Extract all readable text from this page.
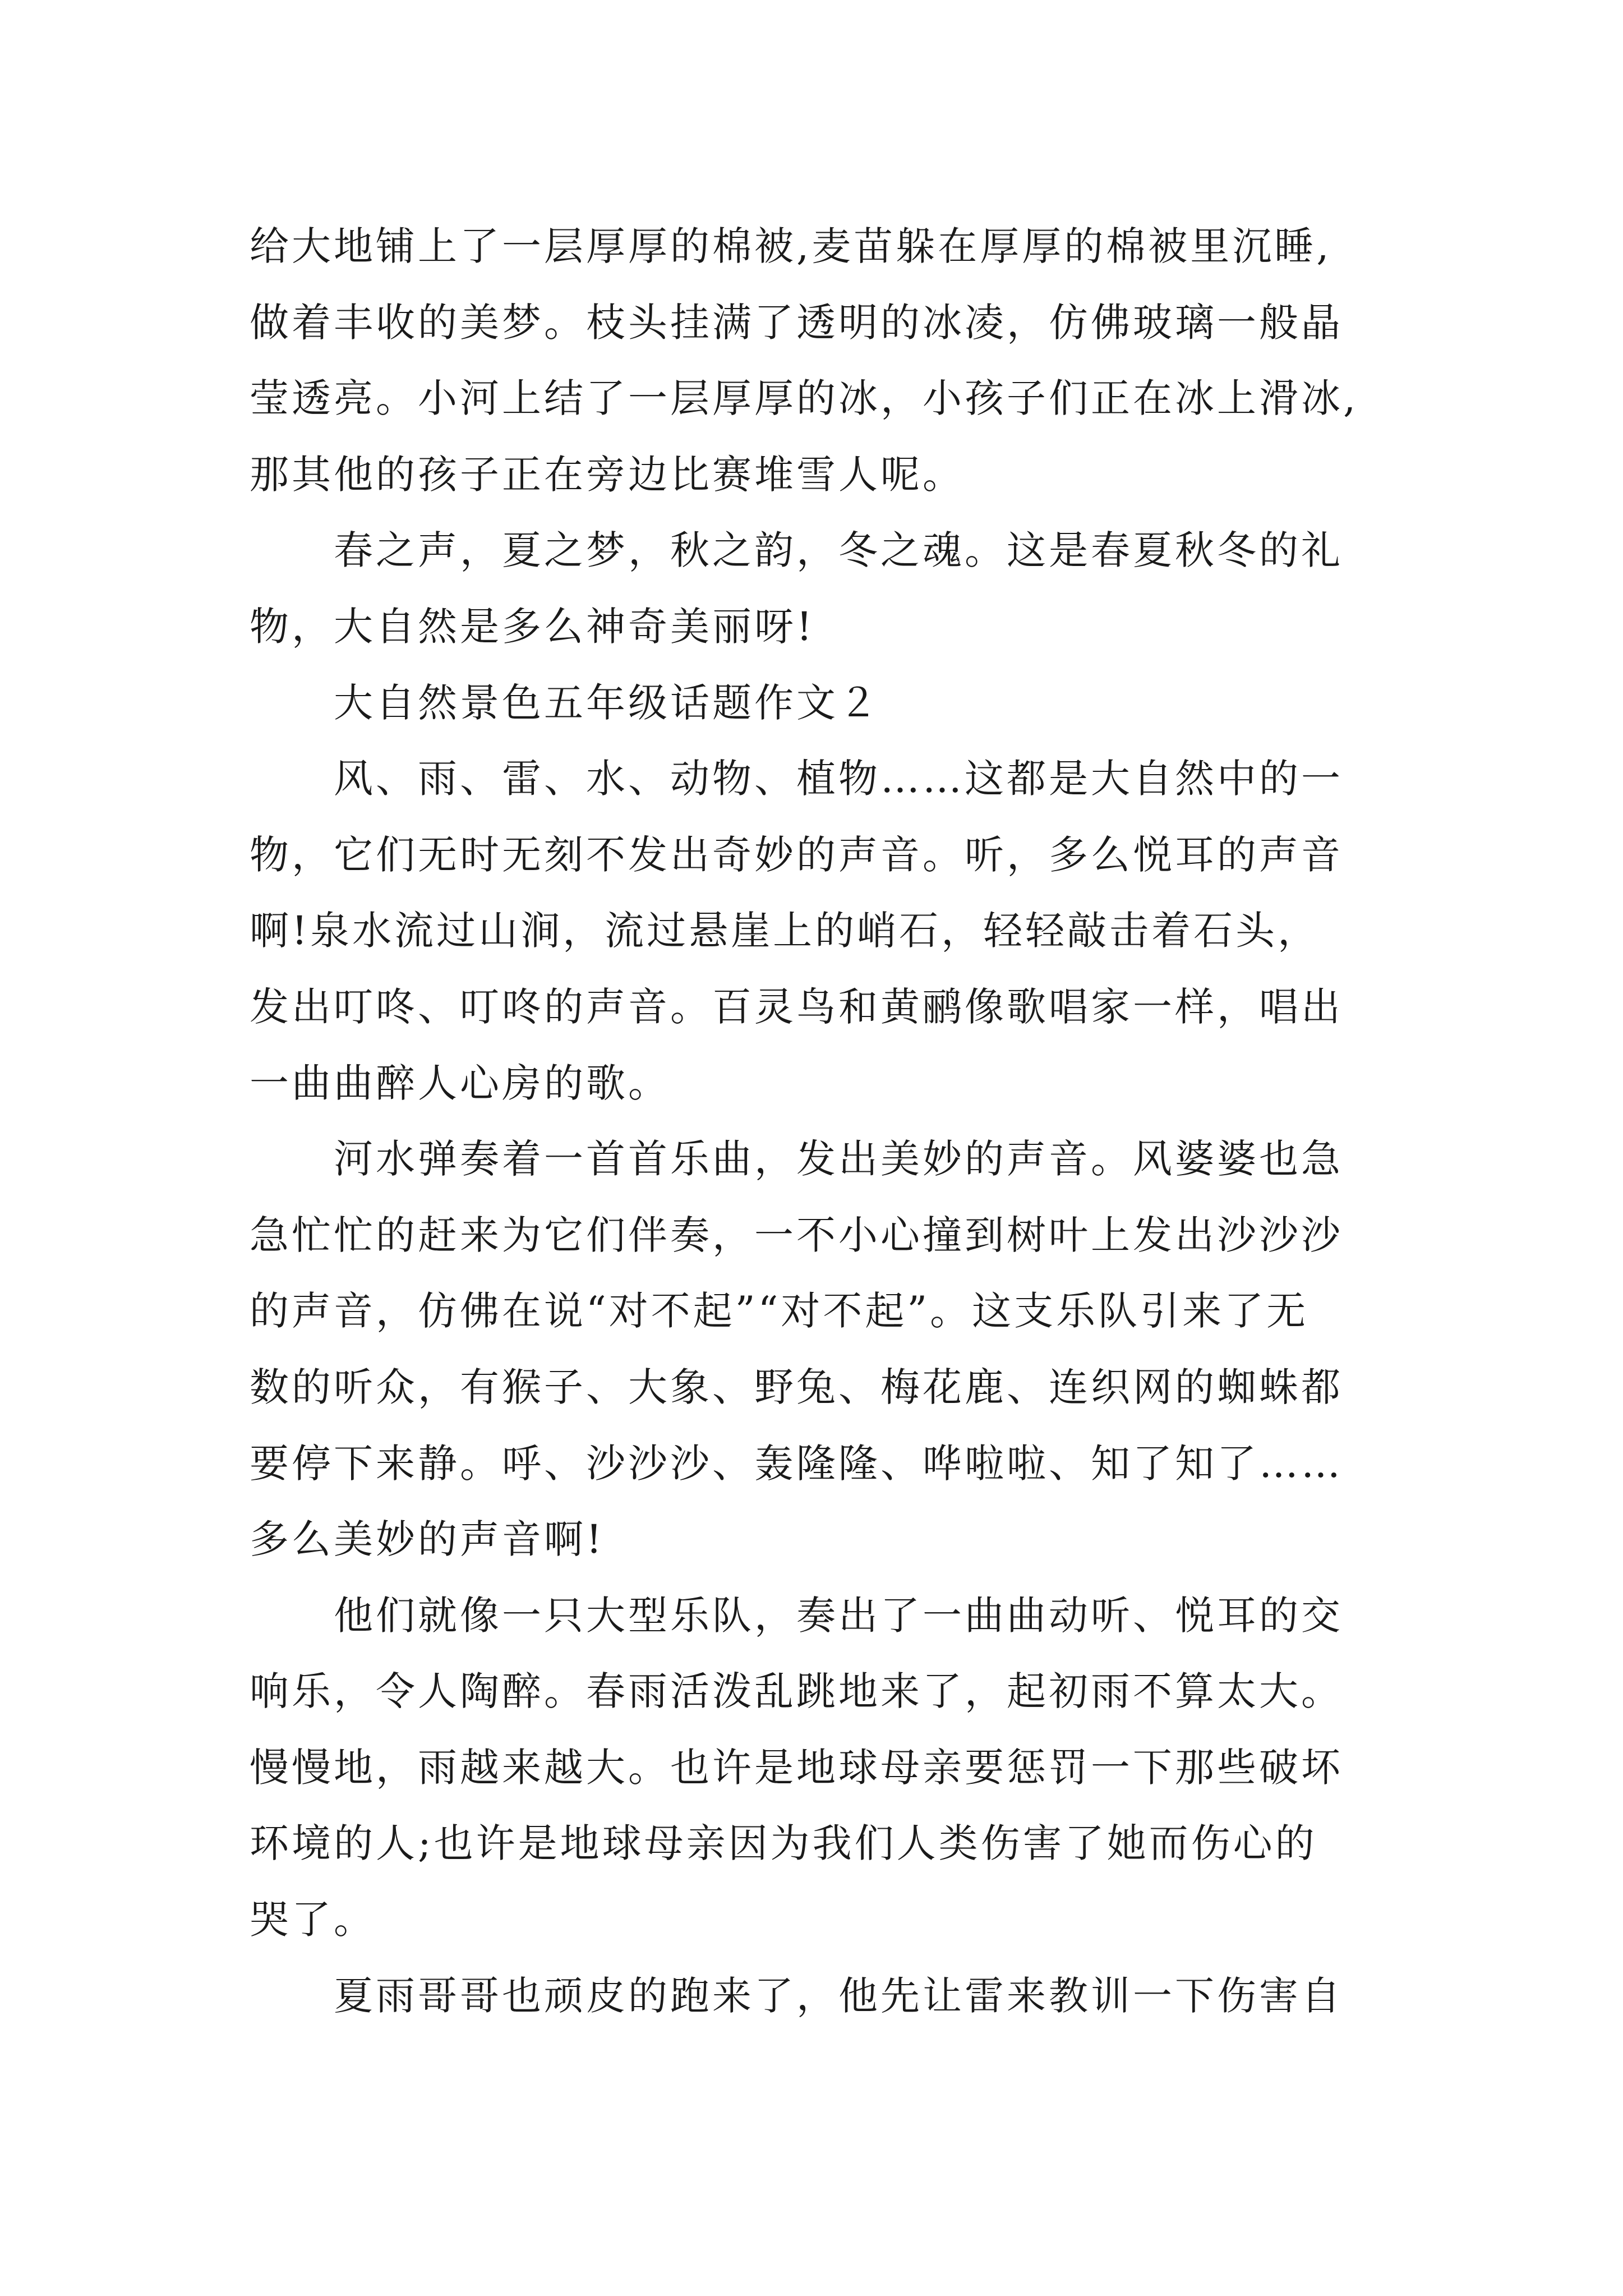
给大地铺上了一层厚厚的棉被,麦苗躲在厚厚的棉被里沉睡,
做着丰收的美梦。枝头挂满了透明的冰凌，仿佛玻璃一般晶
莹透亮。小河上结了一层厚厚的冰，小孩子们正在冰上滑冰,
那其他的孩子正在旁边比赛堆雪人呢。
春之声，夏之梦，秋之韵，冬之魂。这是春夏秋冬的礼
物，大自然是多么神奇美丽呀!
大自然景色五年级话题作文２
风、雨、雷、水、动物、植物……这都是大自然中的一
物，它们无时无刻不发出奇妙的声音。听，多么悦耳的声音
啊!泉水流过山涧，流过悬崖上的峭石，轻轻敲击着石头，
发出叮咚、叮咚的声音。百灵鸟和黄鹂像歌唱家一样，唱出
一曲曲醉人心房的歌。
河水弹奏着一首首乐曲，发出美妙的声音。风婆婆也急
急忙忙的赶来为它们伴奏，一不小心撞到树叶上发出沙沙沙
的声音，仿佛在说“对不起”“对不起”。这支乐队引来了无
数的听众，有猴子、大象、野兔、梅花鹿、连织网的蜘蛛都
要停下来静。呼、沙沙沙、轰隆隆、哗啦啦、知了知了……
多么美妙的声音啊!
他们就像一只大型乐队，奏出了一曲曲动听、悦耳的交
响乐，令人陶醉。春雨活泼乱跳地来了，起初雨不算太大。
慢慢地，雨越来越大。也许是地球母亲要惩罚一下那些破坏
环境的人;也许是地球母亲因为我们人类伤害了她而伤心的
哭了。
夏雨哥哥也顽皮的跑来了，他先让雷来教训一下伤害自
